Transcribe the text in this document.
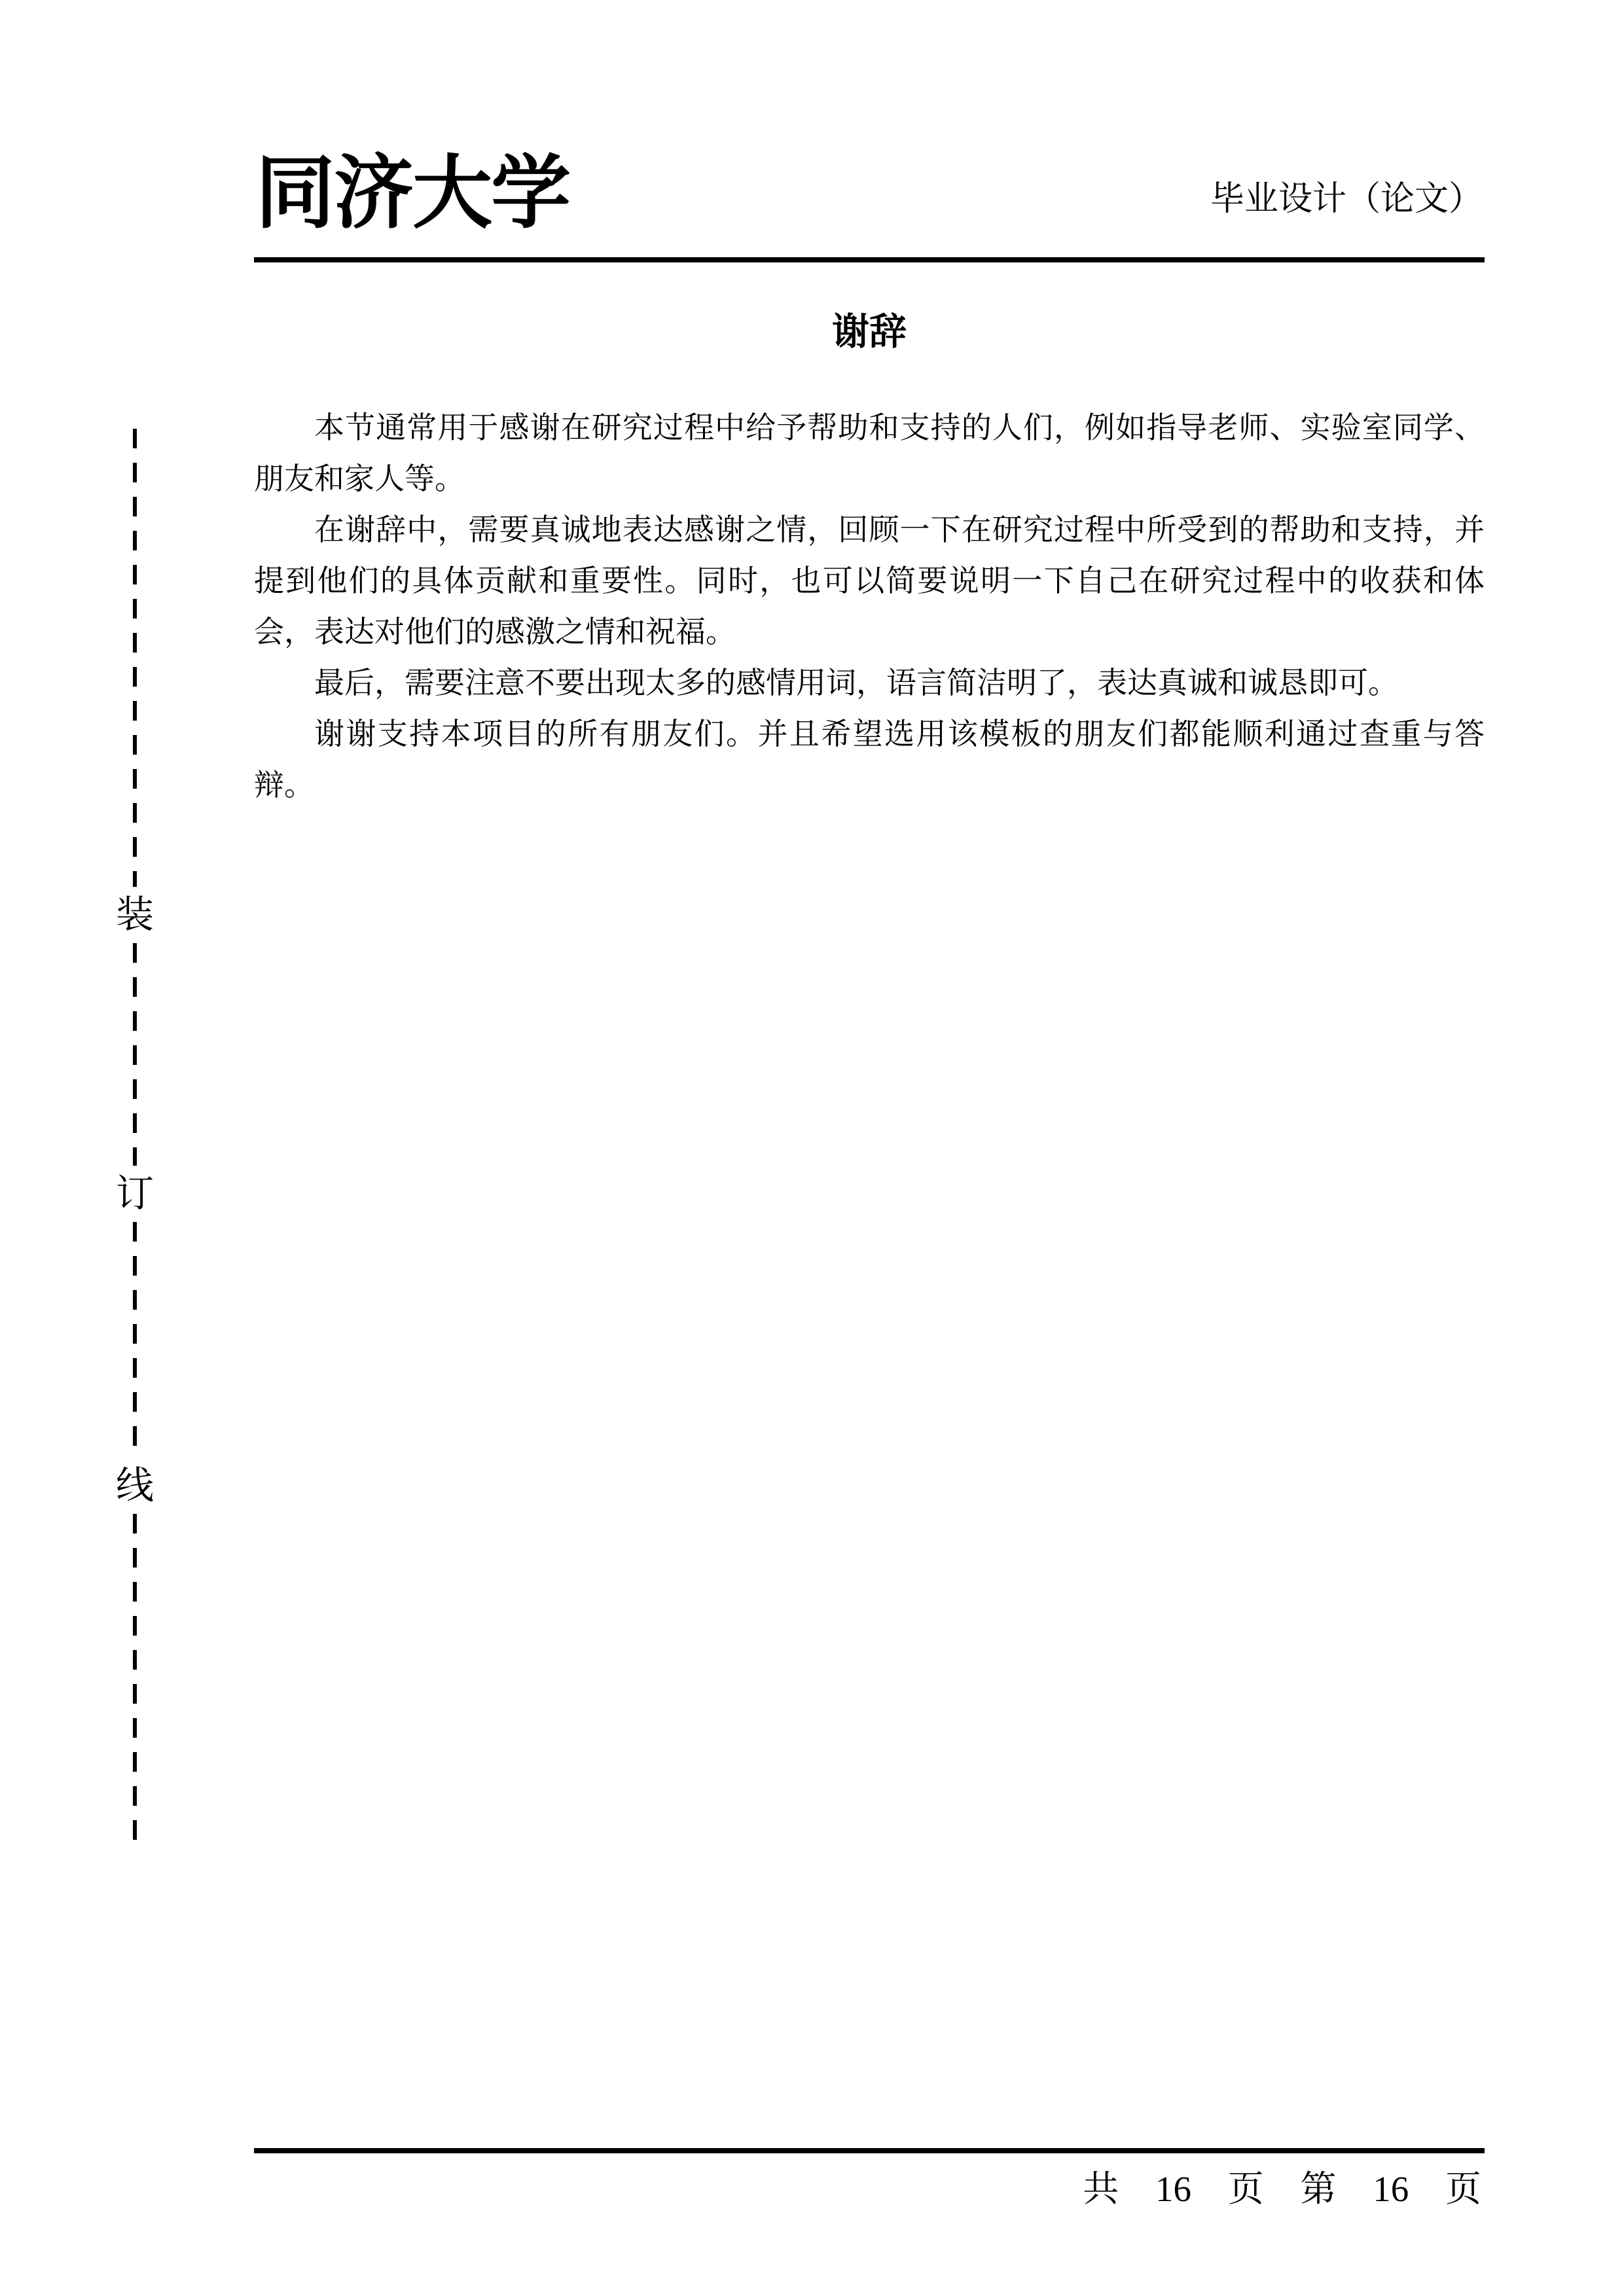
同济大学	毕业设计（论文）
装
订
线
谢辞

本节通常用于感谢在研究过程中给予帮助和支持的人们，例如指导老师、实验室同学、朋友和家人等。

在谢辞中，需要真诚地表达感谢之情，回顾一下在研究过程中所受到的帮助和支持，并提到他们的具体贡献和重要性。同时，也可以简要说明一下自己在研究过程中的收获和体会，表达对他们的感激之情和祝福。

最后，需要注意不要出现太多的感情用词，语言简洁明了，表达真诚和诚恳即可。

谢谢支持本项目的所有朋友们。并且希望选用该模板的朋友们都能顺利通过查重与答辩。

共 16 页 第 16 页
